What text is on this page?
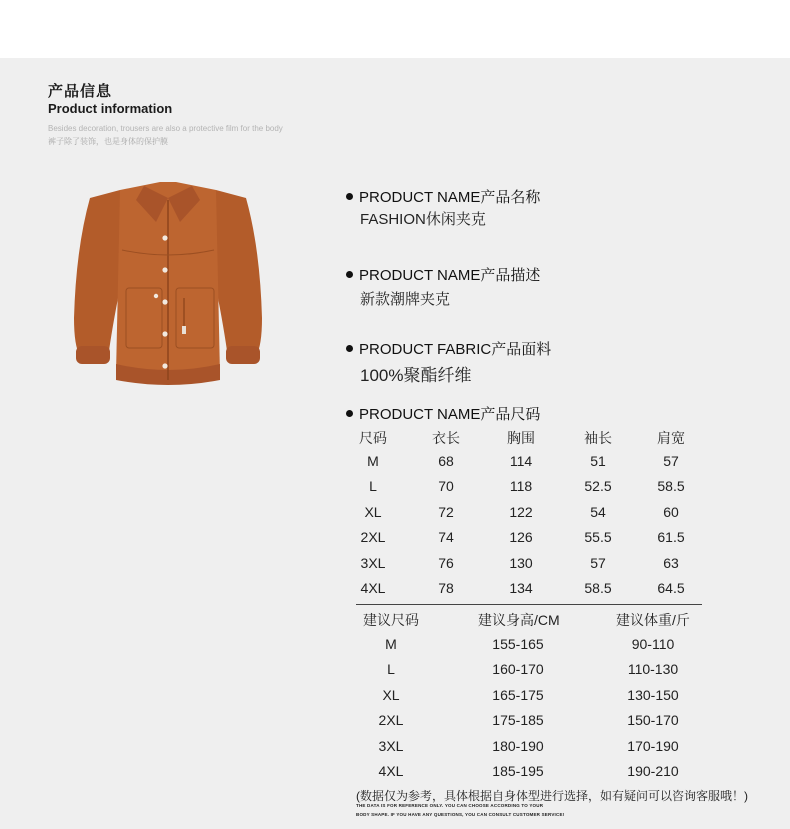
产品信息
Product information
Besides decoration, trousers are also a protective film for the body
裤子除了装饰，也是身体的保护膜
PRODUCT NAME产品名称
FASHION休闲夹克
PRODUCT NAME产品描述
新款潮牌夹克
PRODUCT FABRIC产品面料
100%聚酯纤维
PRODUCT NAME产品尺码
尺码	衣长	胸围	袖长	肩宽
M	68	114	51	57
L	70	118	52.5	58.5
XL	72	122	54	60
2XL	74	126	55.5	61.5
3XL	76	130	57	63
4XL	78	134	58.5	64.5
建议尺码	建议身高/CM	建议体重/斤
M	155-165	90-110
L	160-170	110-130
XL	165-175	130-150
2XL	175-185	150-170
3XL	180-190	170-190
4XL	185-195	190-210
(数据仅为参考，具体根据自身体型进行选择，如有疑问可以咨询客服哦！)
THE DATA IS FOR REFERENCE ONLY. YOU CAN CHOOSE ACCORDING TO YOUR
BODY SHAPE. IF YOU HAVE ANY QUESTIONS, YOU CAN CONSULT CUSTOMER SERVICE!
